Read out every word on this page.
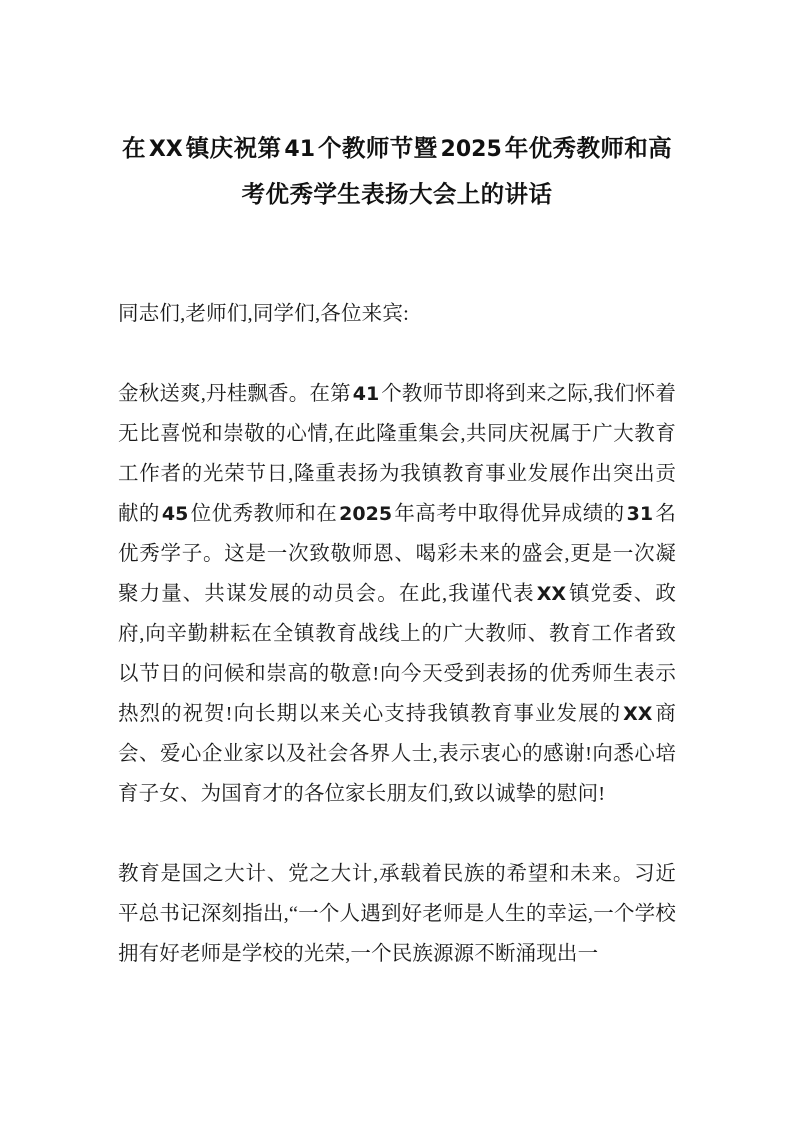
在 XX 镇庆祝第 41 个教师节暨 2025 年优秀教师和高考优秀学生表扬大会上的讲话

同志们,老师们,同学们,各位来宾:

金秋送爽,丹桂飘香。在第 41个教师节即将到来之际,我们怀着无比喜悦和崇敬的心情,在此隆重集会,共同庆祝属于广大教育工作者的光荣节日,隆重表扬为我镇教育事业发展作出突出贡献的 45位优秀教师和在 2025年高考中取得优异成绩的 31名优秀学子。这是一次致敬师恩、喝彩未来的盛会,更是一次凝聚力量、共谋发展的动员会。在此,我谨代表 XX镇党委、政府,向辛勤耕耘在全镇教育战线上的广大教师、教育工作者致以节日的问候和崇高的敬意!向今天受到表扬的优秀师生表示热烈的祝贺!向长期以来关心支持我镇教育事业发展的 XX商会、爱心企业家以及社会各界人士,表示衷心的感谢!向悉心培育子女、为国育才的各位家长朋友们,致以诚挚的慰问!

教育是国之大计、党之大计,承载着民族的希望和未来。习近平总书记深刻指出,“一个人遇到好老师是人生的幸运,一个学校拥有好老师是学校的光荣,一个民族源源不断涌现出一
